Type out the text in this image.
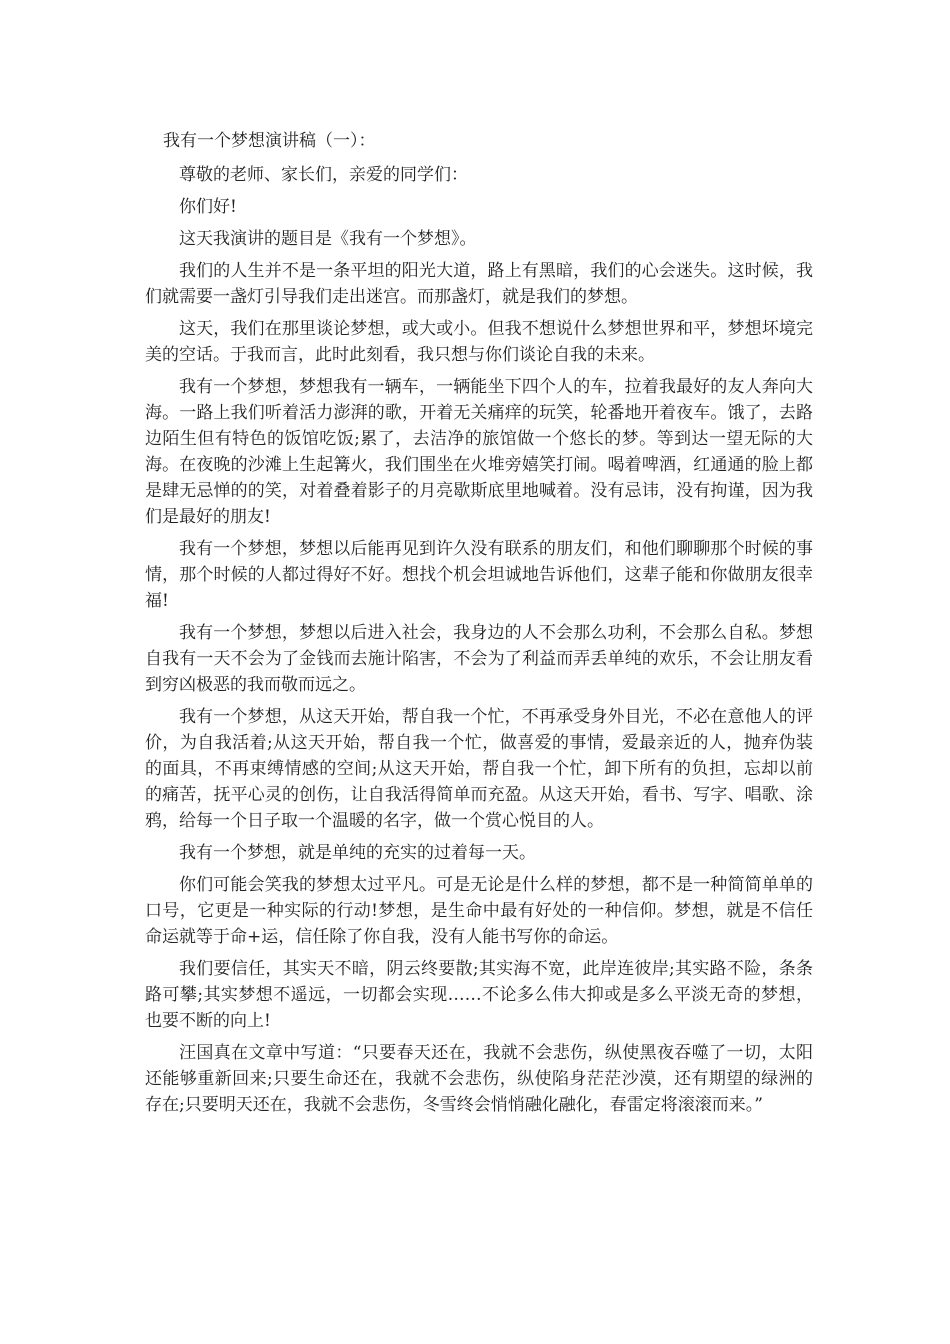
我有一个梦想演讲稿（一）：

尊敬的老师、家长们，亲爱的同学们：

你们好!

这天我演讲的题目是《我有一个梦想》。

我们的人生并不是一条平坦的阳光大道，路上有黑暗，我们的心会迷失。这时候，我们就需要一盏灯引导我们走出迷宫。而那盏灯，就是我们的梦想。

这天，我们在那里谈论梦想，或大或小。但我不想说什么梦想世界和平，梦想坏境完美的空话。于我而言，此时此刻看，我只想与你们谈论自我的未来。

我有一个梦想，梦想我有一辆车，一辆能坐下四个人的车，拉着我最好的友人奔向大海。一路上我们听着活力澎湃的歌，开着无关痛痒的玩笑，轮番地开着夜车。饿了，去路边陌生但有特色的饭馆吃饭;累了，去洁净的旅馆做一个悠长的梦。等到达一望无际的大海。在夜晚的沙滩上生起篝火，我们围坐在火堆旁嬉笑打闹。喝着啤酒，红通通的脸上都是肆无忌惮的的笑，对着叠着影子的月亮歇斯底里地喊着。没有忌讳，没有拘谨，因为我们是最好的朋友!

我有一个梦想，梦想以后能再见到许久没有联系的朋友们，和他们聊聊那个时候的事情，那个时候的人都过得好不好。想找个机会坦诚地告诉他们，这辈子能和你做朋友很幸福!

我有一个梦想，梦想以后进入社会，我身边的人不会那么功利，不会那么自私。梦想自我有一天不会为了金钱而去施计陷害，不会为了利益而弄丢单纯的欢乐，不会让朋友看到穷凶极恶的我而敬而远之。

我有一个梦想，从这天开始，帮自我一个忙，不再承受身外目光，不必在意他人的评价，为自我活着;从这天开始，帮自我一个忙，做喜爱的事情，爱最亲近的人，抛弃伪装的面具，不再束缚情感的空间;从这天开始，帮自我一个忙，卸下所有的负担，忘却以前的痛苦，抚平心灵的创伤，让自我活得简单而充盈。从这天开始，看书、写字、唱歌、涂鸦，给每一个日子取一个温暖的名字，做一个赏心悦目的人。

我有一个梦想，就是单纯的充实的过着每一天。

你们可能会笑我的梦想太过平凡。可是无论是什么样的梦想，都不是一种简简单单的口号，它更是一种实际的行动!梦想，是生命中最有好处的一种信仰。梦想，就是不信任命运就等于命+运，信任除了你自我，没有人能书写你的命运。

我们要信任，其实天不暗，阴云终要散;其实海不宽，此岸连彼岸;其实路不险，条条路可攀;其实梦想不遥远，一切都会实现……不论多么伟大抑或是多么平淡无奇的梦想，也要不断的向上!

汪国真在文章中写道：“只要春天还在，我就不会悲伤，纵使黑夜吞噬了一切，太阳还能够重新回来;只要生命还在，我就不会悲伤，纵使陷身茫茫沙漠，还有期望的绿洲的存在;只要明天还在，我就不会悲伤，冬雪终会悄悄融化融化，春雷定将滚滚而来。”
